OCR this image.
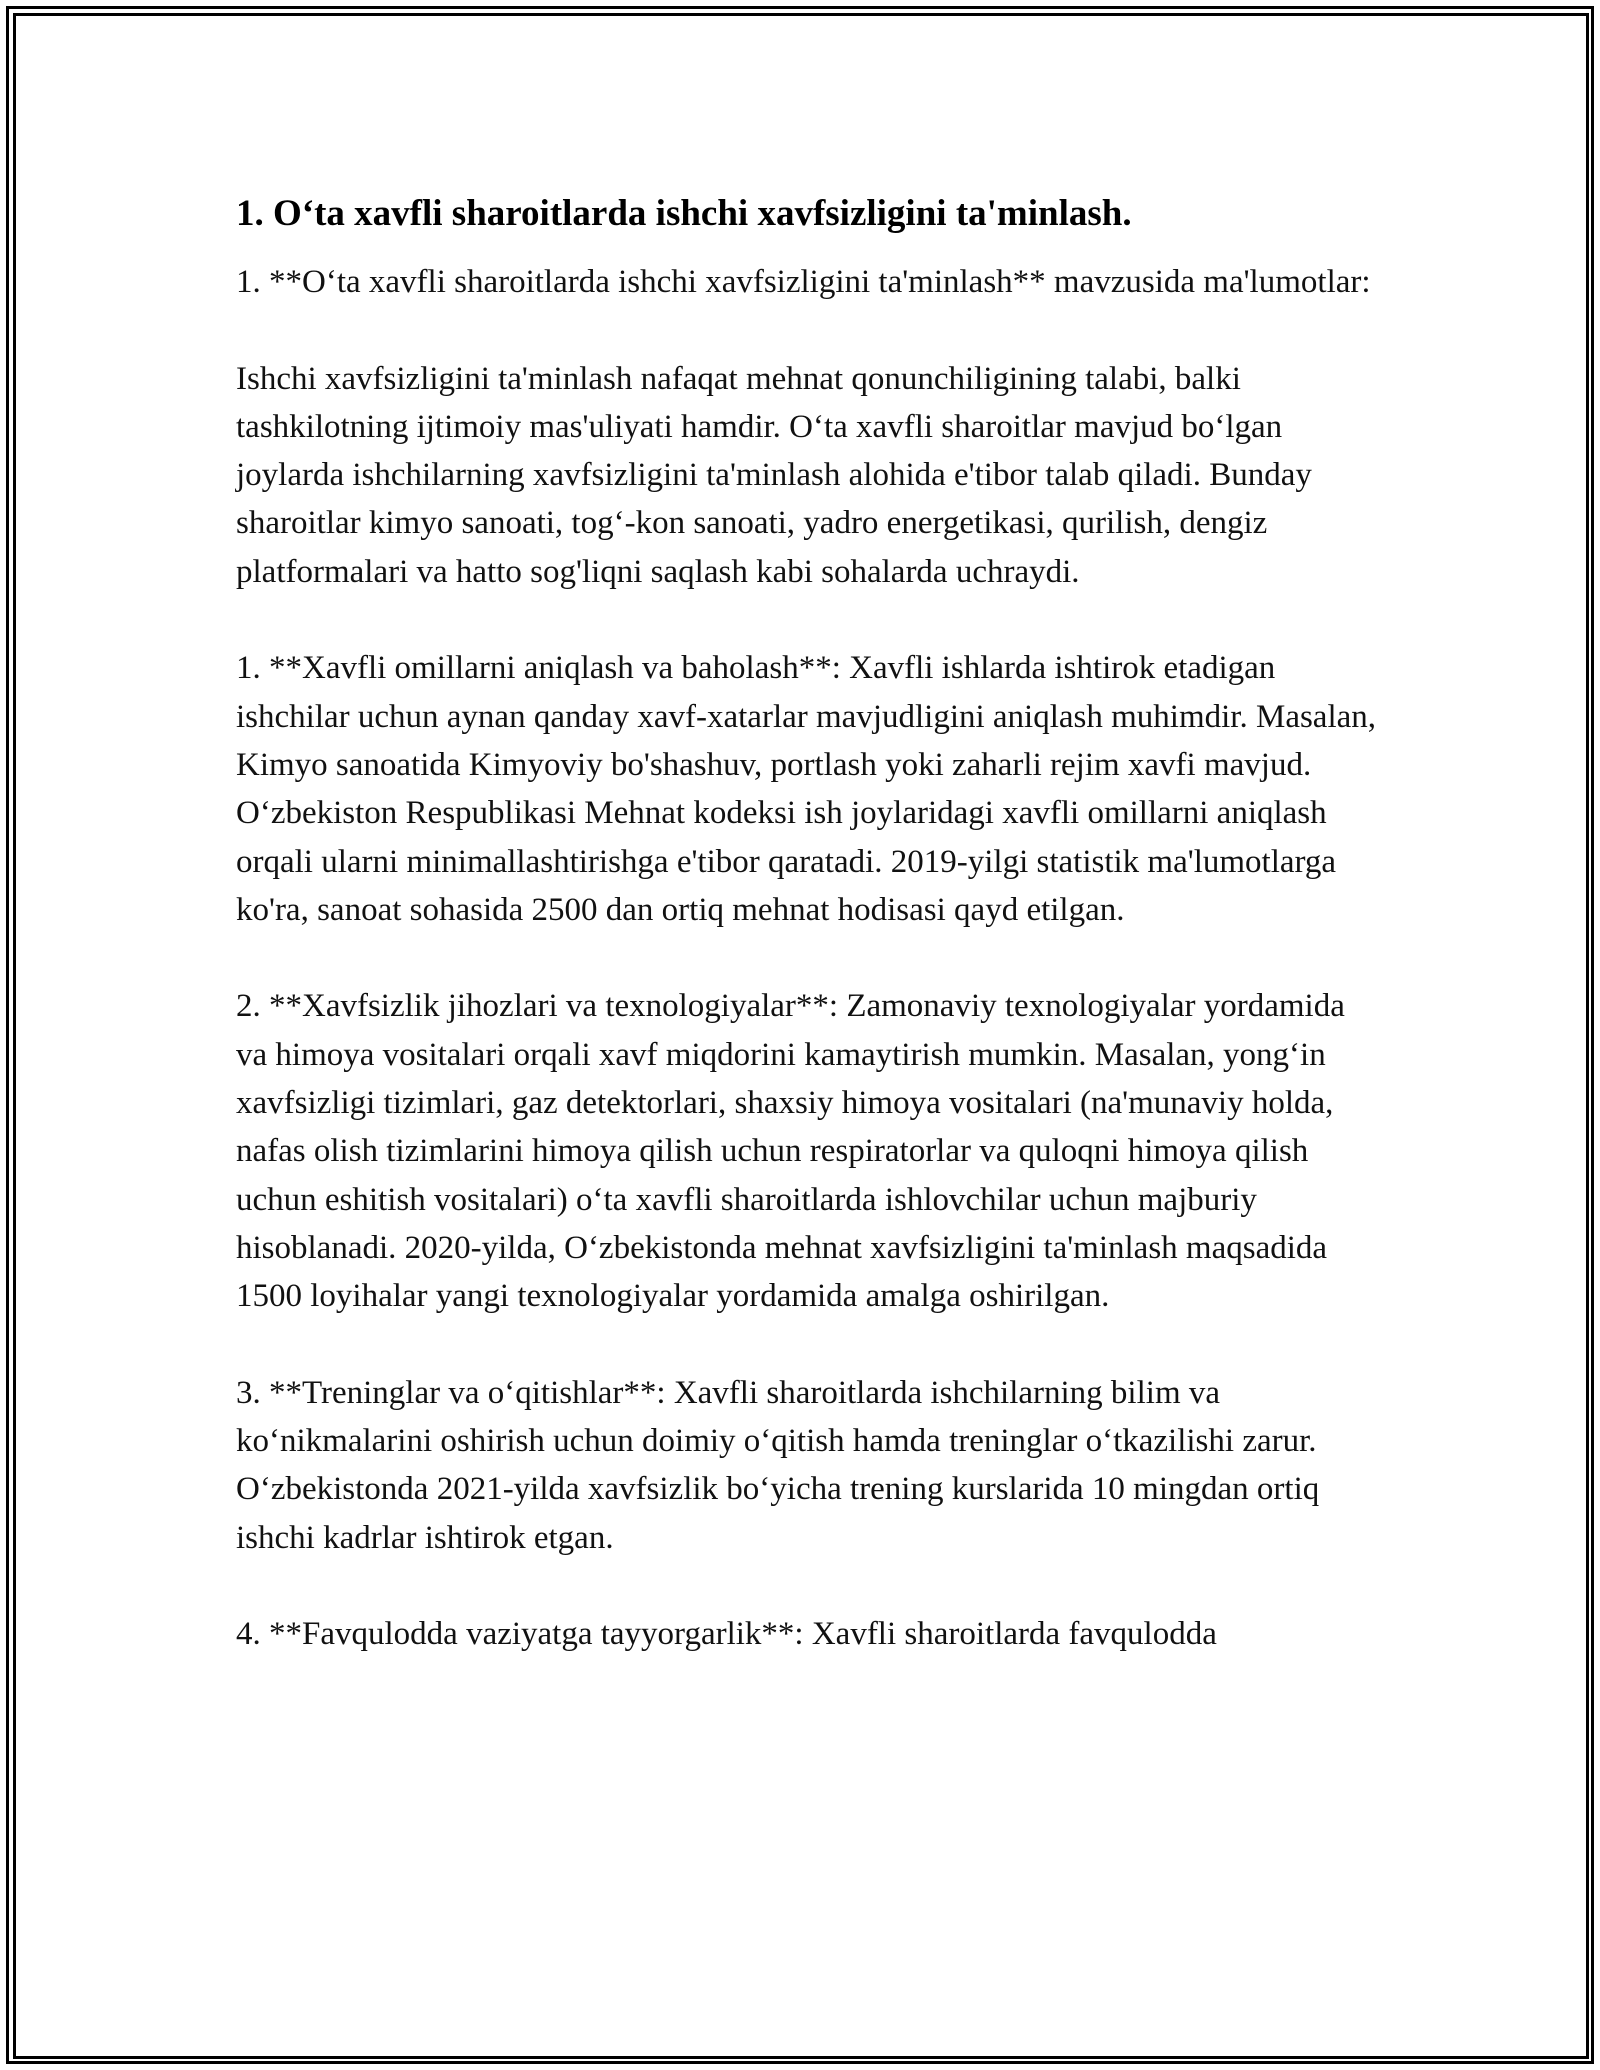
1. O‘ta xavfli sharoitlarda ishchi xavfsizligini ta'minlash.

1. **O‘ta xavfli sharoitlarda ishchi xavfsizligini ta'minlash** mavzusida ma'lumotlar:

Ishchi xavfsizligini ta'minlash nafaqat mehnat qonunchiligining talabi, balki tashkilotning ijtimoiy mas'uliyati hamdir. O‘ta xavfli sharoitlar mavjud bo‘lgan joylarda ishchilarning xavfsizligini ta'minlash alohida e'tibor talab qiladi. Bunday sharoitlar kimyo sanoati, tog‘-kon sanoati, yadro energetikasi, qurilish, dengiz platformalari va hatto sog'liqni saqlash kabi sohalarda uchraydi.

1. **Xavfli omillarni aniqlash va baholash**: Xavfli ishlarda ishtirok etadigan ishchilar uchun aynan qanday xavf-xatarlar mavjudligini aniqlash muhimdir. Masalan, Kimyo sanoatida Kimyoviy bo'shashuv, portlash yoki zaharli rejim xavfi mavjud. O‘zbekiston Respublikasi Mehnat kodeksi ish joylaridagi xavfli omillarni aniqlash orqali ularni minimallashtirishga e'tibor qaratadi. 2019-yilgi statistik ma'lumotlarga ko'ra, sanoat sohasida 2500 dan ortiq mehnat hodisasi qayd etilgan.

2. **Xavfsizlik jihozlari va texnologiyalar**: Zamonaviy texnologiyalar yordamida va himoya vositalari orqali xavf miqdorini kamaytirish mumkin. Masalan, yong‘in xavfsizligi tizimlari, gaz detektorlari, shaxsiy himoya vositalari (na'munaviy holda, nafas olish tizimlarini himoya qilish uchun respiratorlar va quloqni himoya qilish uchun eshitish vositalari) o‘ta xavfli sharoitlarda ishlovchilar uchun majburiy hisoblanadi. 2020-yilda, O‘zbekistonda mehnat xavfsizligini ta'minlash maqsadida 1500 loyihalar yangi texnologiyalar yordamida amalga oshirilgan.

3. **Treninglar va o‘qitishlar**: Xavfli sharoitlarda ishchilarning bilim va ko‘nikmalarini oshirish uchun doimiy o‘qitish hamda treninglar o‘tkazilishi zarur. O‘zbekistonda 2021-yilda xavfsizlik bo‘yicha trening kurslarida 10 mingdan ortiq ishchi kadrlar ishtirok etgan.

4. **Favqulodda vaziyatga tayyorgarlik**: Xavfli sharoitlarda favqulodda
